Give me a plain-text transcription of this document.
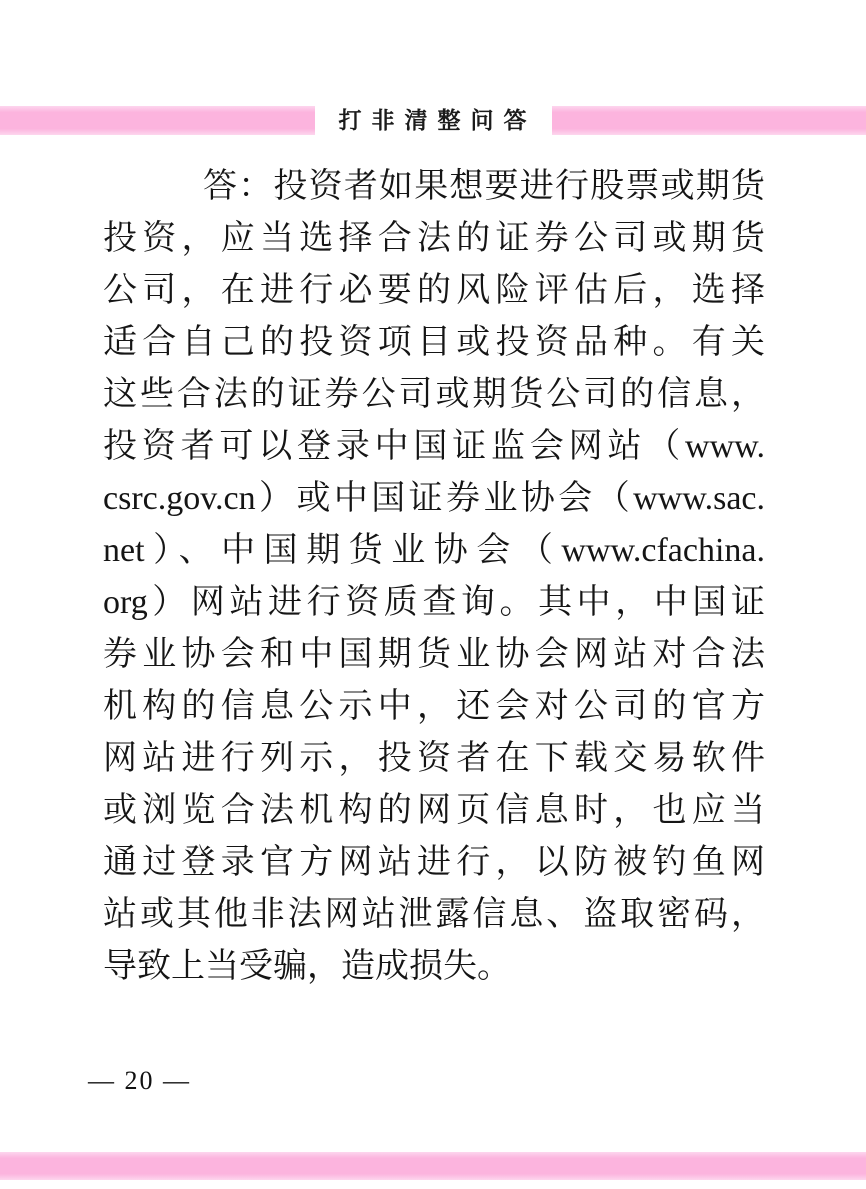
打非清整问答
答：投资者如果想要进行股票或期货
投资，应当选择合法的证券公司或期货
公司，在进行必要的风险评估后，选择
适合自己的投资项目或投资品种。有关
这些合法的证券公司或期货公司的信息，
投资者可以登录中国证监会网站（www.
csrc.gov.cn）或中国证券业协会（www.sac.
net）、中国期货业协会（www.cfachina.
org）网站进行资质查询。其中，中国证
券业协会和中国期货业协会网站对合法
机构的信息公示中，还会对公司的官方
网站进行列示，投资者在下载交易软件
或浏览合法机构的网页信息时，也应当
通过登录官方网站进行，以防被钓鱼网
站或其他非法网站泄露信息、盗取密码，
导致上当受骗，造成损失。
— 20 —
